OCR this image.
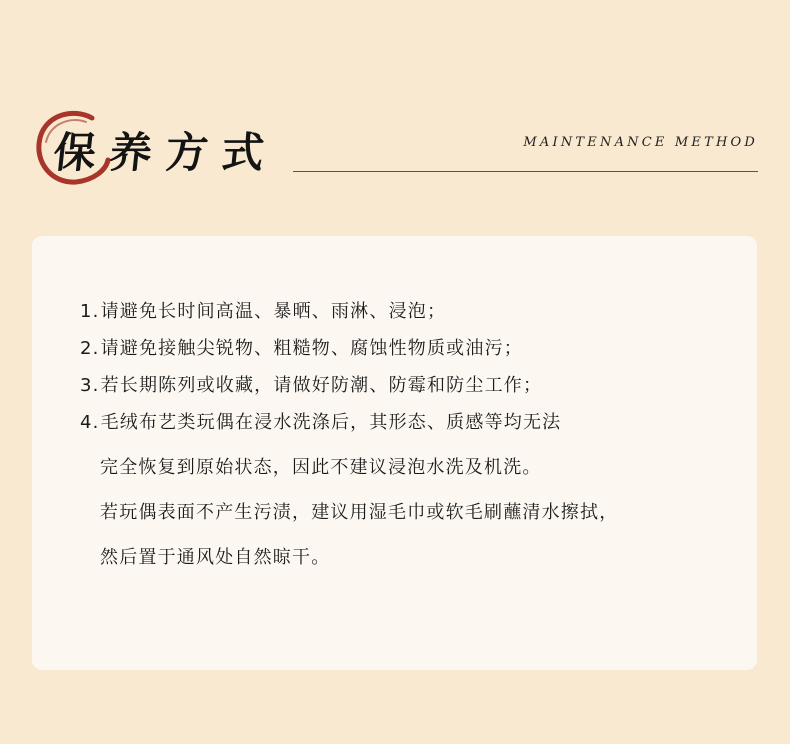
保养方式	MAINTENANCE METHOD
1.请避免长时间高温、暴晒、雨淋、浸泡；
2.请避免接触尖锐物、粗糙物、腐蚀性物质或油污；
3.若长期陈列或收藏，请做好防潮、防霉和防尘工作；
4.毛绒布艺类玩偶在浸水洗涤后，其形态、质感等均无法
完全恢复到原始状态，因此不建议浸泡水洗及机洗。
若玩偶表面不产生污渍，建议用湿毛巾或软毛刷蘸清水擦拭，
然后置于通风处自然晾干。
